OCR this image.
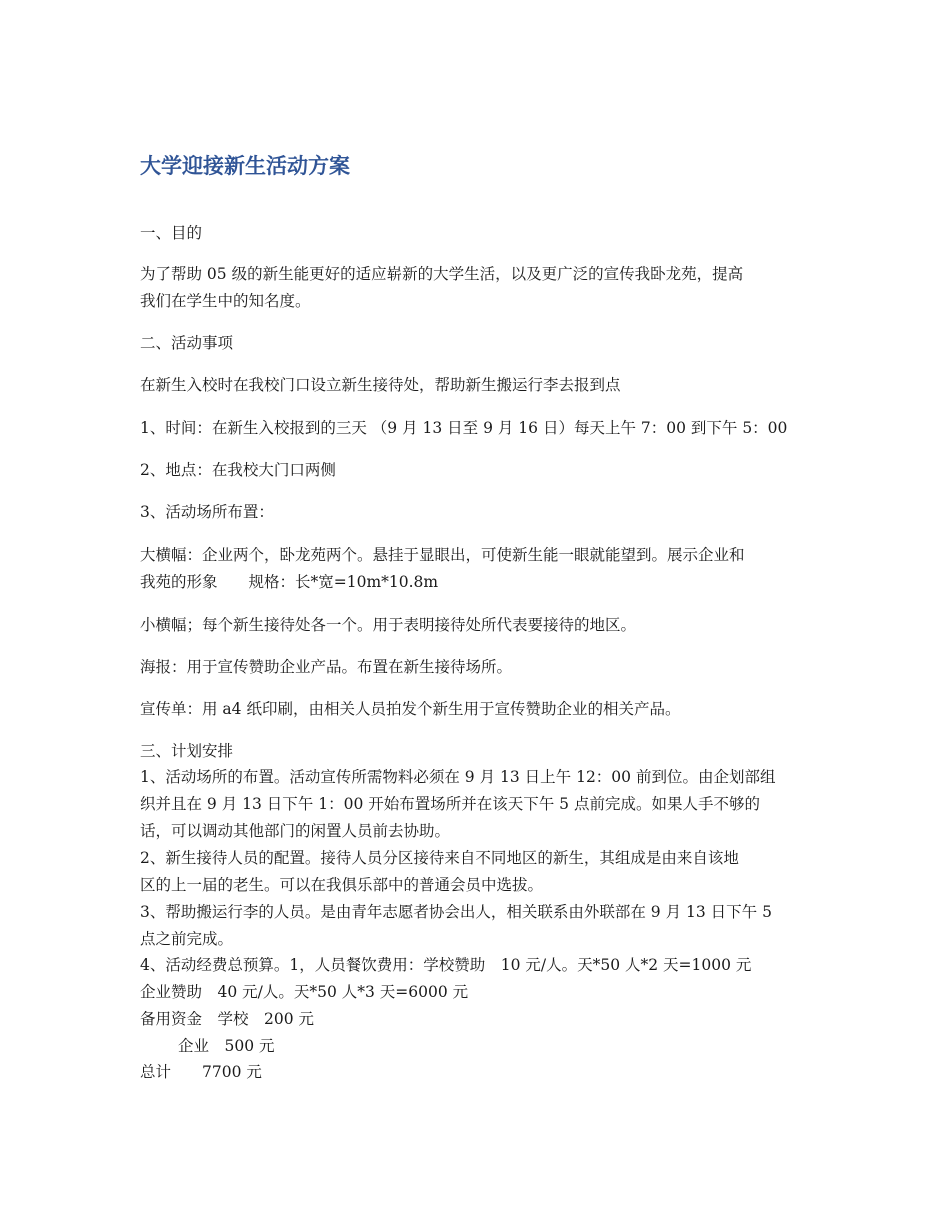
大学迎接新生活动方案

一、目的

为了帮助 05 级的新生能更好的适应崭新的大学生活，以及更广泛的宣传我卧龙苑，提高

我们在学生中的知名度。

二、活动事项

在新生入校时在我校门口设立新生接待处，帮助新生搬运行李去报到点

1、时间：在新生入校报到的三天 （9 月 13 日至 9 月 16 日）每天上午 7：00 到下午 5：00

2、地点：在我校大门口两侧

3、活动场所布置：

大横幅：企业两个，卧龙苑两个。悬挂于显眼出，可使新生能一眼就能望到。展示企业和

我苑的形象　　规格：长*宽=10m*10.8m

小横幅；每个新生接待处各一个。用于表明接待处所代表要接待的地区。

海报：用于宣传赞助企业产品。布置在新生接待场所。

宣传单：用 a4 纸印刷，由相关人员拍发个新生用于宣传赞助企业的相关产品。

三、计划安排

1、活动场所的布置。活动宣传所需物料必须在 9 月 13 日上午 12：00 前到位。由企划部组

织并且在 9 月 13 日下午 1：00 开始布置场所并在该天下午 5 点前完成。如果人手不够的

话，可以调动其他部门的闲置人员前去协助。

2、新生接待人员的配置。接待人员分区接待来自不同地区的新生，其组成是由来自该地

区的上一届的老生。可以在我俱乐部中的普通会员中选拔。

3、帮助搬运行李的人员。是由青年志愿者协会出人，相关联系由外联部在 9 月 13 日下午 5

点之前完成。

4、活动经费总预算。1，人员餐饮费用：学校赞助　10 元/人。天*50 人*2 天=1000 元

企业赞助　40 元/人。天*50 人*3 天=6000 元

备用资金　学校　200 元

企业　500 元

总计　　7700 元
